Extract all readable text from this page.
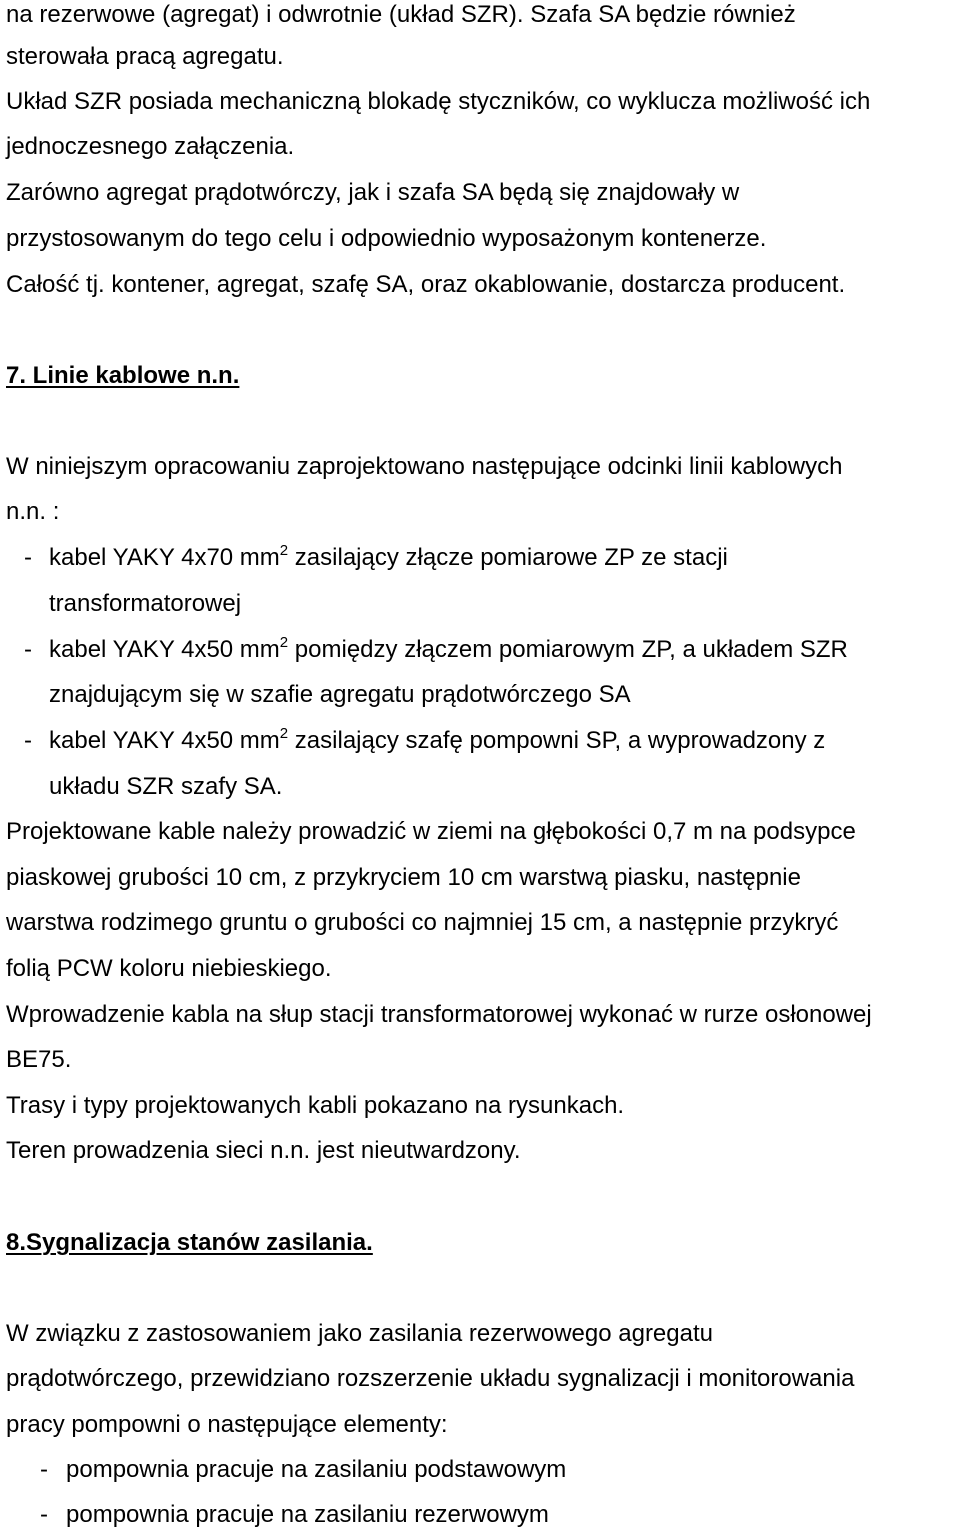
na rezerwowe (agregat) i odwrotnie (układ SZR). Szafa SA będzie również
sterowała pracą agregatu.
Układ SZR posiada mechaniczną blokadę styczników, co wyklucza możliwość ich
jednoczesnego załączenia.
Zarówno agregat prądotwórczy, jak i szafa SA będą się znajdowały w
przystosowanym do tego celu i odpowiednio wyposażonym kontenerze.
Całość tj. kontener, agregat, szafę SA, oraz okablowanie, dostarcza producent.
7. Linie kablowe n.n.
W niniejszym opracowaniu zaprojektowano następujące odcinki linii kablowych
n.n. :
- kabel YAKY 4x70 $mm^2$ zasilający złącze pomiarowe ZP ze stacji
transformatorowej
- kabel YAKY 4x50 $mm^2$ pomiędzy złączem pomiarowym ZP, a układem SZR
znajdującym się w szafie agregatu prądotwórczego SA
- kabel YAKY 4x50 $mm^2$ zasilający szafę pompowni SP, a wyprowadzony z
układu SZR szafy SA.
Projektowane kable należy prowadzić w ziemi na głębokości 0,7 m na podsypce
piaskowej grubości 10 cm, z przykryciem 10 cm warstwą piasku, następnie
warstwa rodzimego gruntu o grubości co najmniej 15 cm, a następnie przykryć
folią PCW koloru niebieskiego.
Wprowadzenie kabla na słup stacji transformatorowej wykonać w rurze osłonowej
BE75.
Trasy i typy projektowanych kabli pokazano na rysunkach.
Teren prowadzenia sieci n.n. jest nieutwardzony.
8.Sygnalizacja stanów zasilania.
W związku z zastosowaniem jako zasilania rezerwowego agregatu
prądotwórczego, przewidziano rozszerzenie układu sygnalizacji i monitorowania
pracy pompowni o następujące elementy:
- pompownia pracuje na zasilaniu podstawowym
- pompownia pracuje na zasilaniu rezerwowym
